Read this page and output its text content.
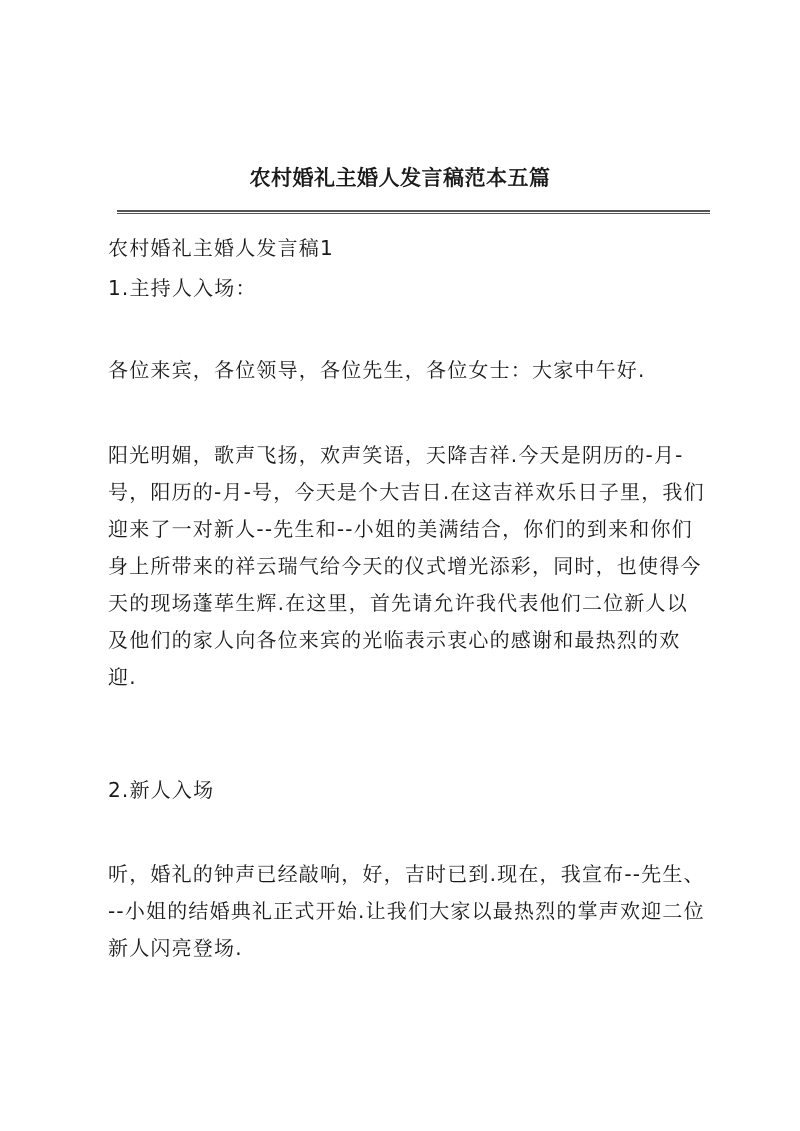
农村婚礼主婚人发言稿范本五篇
农村婚礼主婚人发言稿1
1.主持人入场：
各位来宾，各位领导，各位先生，各位女士：大家中午好.
阳光明媚，歌声飞扬，欢声笑语，天降吉祥.今天是阴历的-月-号，阳历的-月-号，今天是个大吉日.在这吉祥欢乐日子里，我们迎来了一对新人--先生和--小姐的美满结合，你们的到来和你们身上所带来的祥云瑞气给今天的仪式增光添彩，同时，也使得今天的现场蓬荜生辉.在这里，首先请允许我代表他们二位新人以及他们的家人向各位来宾的光临表示衷心的感谢和最热烈的欢迎.
2.新人入场
听，婚礼的钟声已经敲响，好，吉时已到.现在，我宣布--先生、--小姐的结婚典礼正式开始.让我们大家以最热烈的掌声欢迎二位新人闪亮登场.
